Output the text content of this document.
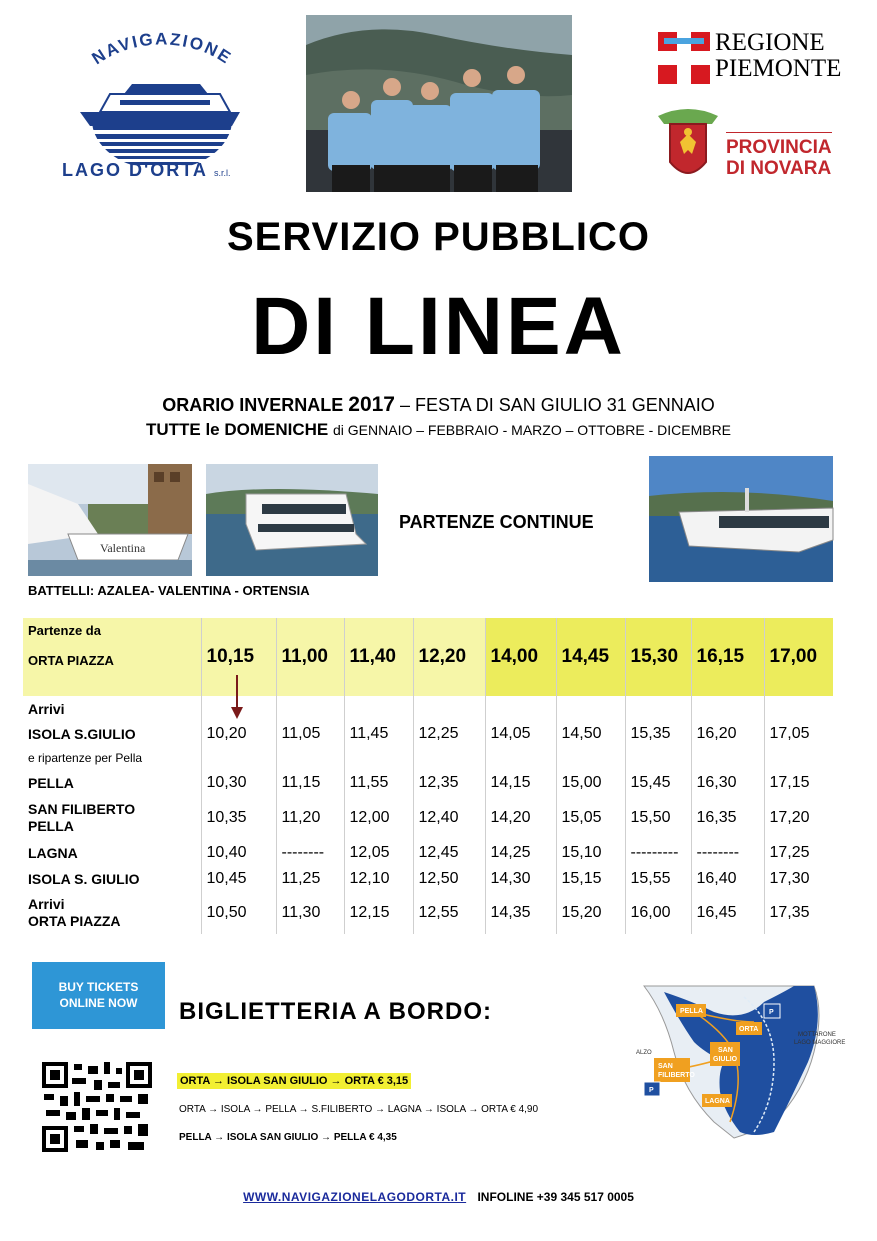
NAVIGAZIONE
LAGO D'ORTA s.r.l.
REGIONE
PIEMONTE
PROVINCIA
DI NOVARA
SERVIZIO PUBBLICO
DI LINEA
ORARIO INVERNALE 2017 – FESTA DI SAN GIULIO 31 GENNAIO
TUTTE le DOMENICHE di GENNAIO – FEBBRAIO - MARZO – OTTOBRE - DICEMBRE
Valentina
PARTENZE CONTINUE
BATTELLI: AZALEA- VALENTINA - ORTENSIA
Partenze da
ORTA PIAZZA	10,15	11,00	11,40	12,20	14,00	14,45	15,30	16,15	17,00
Arrivi									
ISOLA S.GIULIO	10,20	11,05	11,45	12,25	14,05	14,50	15,35	16,20	17,05
e ripartenze per Pella									
PELLA	10,30	11,15	11,55	12,35	14,15	15,00	15,45	16,30	17,15

SAN FILIBERTO
PELLA	10,35	11,20	12,00	12,40	14,20	15,05	15,50	16,35	17,20
LAGNA	10,40	--------	12,05	12,45	14,25	15,10	---------	--------	17,25
ISOLA S. GIULIO	10,45	11,25	12,10	12,50	14,30	15,15	15,55	16,40	17,30

Arrivi
ORTA PIAZZA	10,50	11,30	12,15	12,55	14,35	15,20	16,00	16,45	17,35
BUY TICKETS
ONLINE NOW	BIGLIETTERIA A BORDO:
ORTA → ISOLA SAN GIULIO → ORTA € 3,15
ORTA → ISOLA → PELLA → S.FILIBERTO → LAGNA → ISOLA → ORTA € 4,90
PELLA → ISOLA SAN GIULIO → PELLA € 4,35
PELLA
ORTA
SAN
GIULIO
SAN
FILIBERTO
LAGNA
P
P
MOTTARONE
LAGO MAGGIORE
ALZO
WWW.NAVIGAZIONELAGODORTA.IT INFOLINE +39 345 517 0005
